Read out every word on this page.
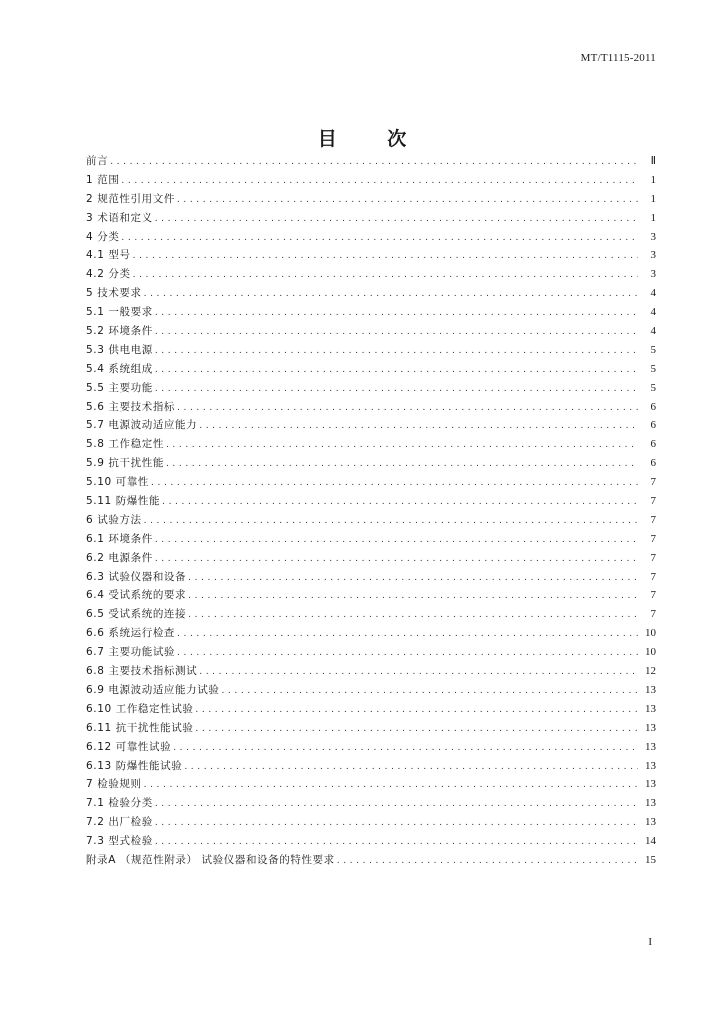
MT/T1115-2011
目 次
前言 .....	Ⅱ
1 范围 .....	1
2 规范性引用文件 .....	1
3 术语和定义 .....	1
4 分类 .....	3
4.1 型号 .....	3
4.2 分类 .....	3
5 技术要求 .....	4
5.1 一般要求 .....	4
5.2 环境条件 .....	4
5.3 供电电源 .....	5
5.4 系统组成 .....	5
5.5 主要功能 .....	5
5.6 主要技术指标 .....	6
5.7 电源波动适应能力 .....	6
5.8 工作稳定性 .....	6
5.9 抗干扰性能 .....	6
5.10 可靠性 .....	7
5.11 防爆性能 .....	7
6 试验方法 .....	7
6.1 环境条件 .....	7
6.2 电源条件 .....	7
6.3 试验仪器和设备 .....	7
6.4 受试系统的要求 .....	7
6.5 受试系统的连接 .....	7
6.6 系统运行检查 .....	10
6.7 主要功能试验 .....	10
6.8 主要技术指标测试 .....	12
6.9 电源波动适应能力试验 .....	13
6.10 工作稳定性试验 .....	13
6.11 抗干扰性能试验 .....	13
6.12 可靠性试验 .....	13
6.13 防爆性能试验 .....	13
7 检验规则 .....	13
7.1 检验分类 .....	13
7.2 出厂检验 .....	13
7.3 型式检验 .....	14
附录A （规范性附录） 试验仪器和设备的特性要求 .....	15
I
